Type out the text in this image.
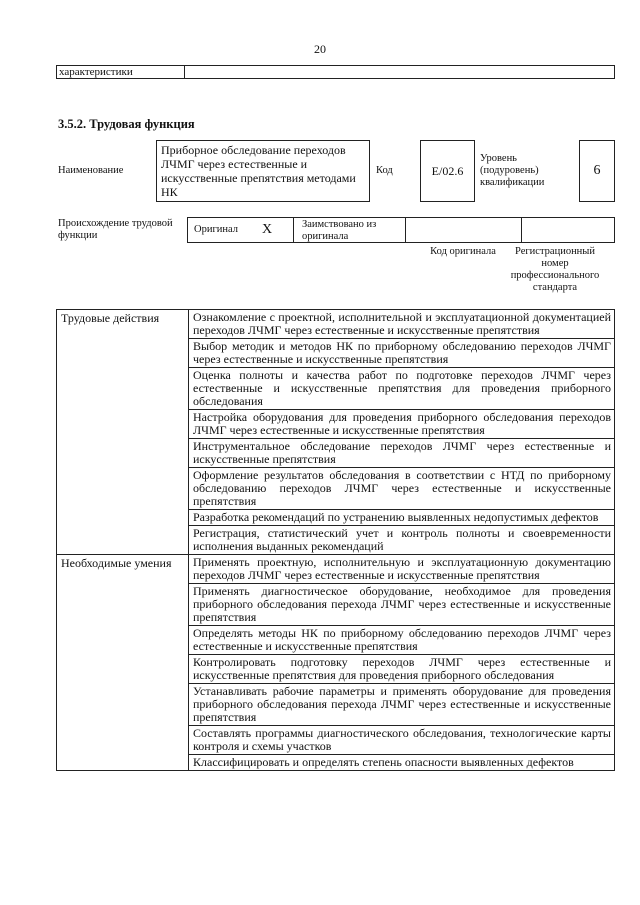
20
характеристики
3.5.2. Трудовая функция
Наименование
Приборное обследование переходов ЛЧМГ через естественные и искусственные препятствия методами НК
Код	E/02.6
Уровень (подуровень) квалификации
6
Происхождение трудовой функции
Оригинал X	Заимствовано из оригинала
Код оригинала	Регистрационный номер профессионального стандарта
Трудовые действия	Ознакомление с проектной, исполнительной и эксплуатационной документацией переходов ЛЧМГ через естественные и искусственные препятствия
	Выбор методик и методов НК по приборному обследованию переходов ЛЧМГ через естественные и искусственные препятствия
	Оценка полноты и качества работ по подготовке переходов ЛЧМГ через естественные и искусственные препятствия для проведения приборного обследования
	Настройка оборудования для проведения приборного обследования переходов ЛЧМГ через естественные и искусственные препятствия
	Инструментальное обследование переходов ЛЧМГ через естественные и искусственные препятствия
	Оформление результатов обследования в соответствии с НТД по приборному обследованию переходов ЛЧМГ через естественные и искусственные препятствия
	Разработка рекомендаций по устранению выявленных недопустимых дефектов
	Регистрация, статистический учет и контроль полноты и своевременности исполнения выданных рекомендаций
Необходимые умения	Применять проектную, исполнительную и эксплуатационную документацию переходов ЛЧМГ через естественные и искусственные препятствия
	Применять диагностическое оборудование, необходимое для проведения приборного обследования перехода ЛЧМГ через естественные и искусственные препятствия
	Определять методы НК по приборному обследованию переходов ЛЧМГ через естественные и искусственные препятствия
	Контролировать подготовку переходов ЛЧМГ через естественные и искусственные препятствия для проведения приборного обследования
	Устанавливать рабочие параметры и применять оборудование для проведения приборного обследования перехода ЛЧМГ через естественные и искусственные препятствия
	Составлять программы диагностического обследования, технологические карты контроля и схемы участков
	Классифицировать и определять степень опасности выявленных дефектов
